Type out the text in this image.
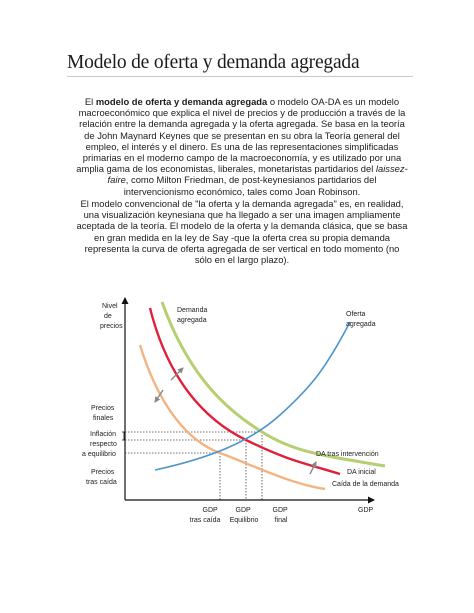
Modelo de oferta y demanda agregada

El modelo de oferta y demanda agregada o modelo OA-DA es un modelo macroeconómico que explica el nivel de precios y de producción a través de la relación entre la demanda agregada y la oferta agregada. Se basa en la teoría de John Maynard Keynes que se presentan en su obra la Teoría general del empleo, el interés y el dinero. Es una de las representaciones simplificadas primarias en el moderno campo de la macroeconomía, y es utilizado por una amplia gama de los economistas, liberales, monetaristas partidarios del laissez-faire, como Milton Friedman, de post-keynesianos partidarios del intervencionismo económico, tales como Joan Robinson.

El modelo convencional de "la oferta y la demanda agregada" es, en realidad, una visualización keynesiana que ha llegado a ser una imagen ampliamente aceptada de la teoría. El modelo de la oferta y la demanda clásica, que se basa en gran medida en la ley de Say -que la oferta crea su propia demanda representa la curva de oferta agregada de ser vertical en todo momento (no sólo en el largo plazo).

Nivel de precios
Precios finales
Inflación respecto a equilibrio
Precios tras caída
Demanda agregada
Oferta agregada
DA tras intervención
DA inicial
Caída de la demanda
GDP tras caída
GDP Equilibrio
GDP final
GDP
